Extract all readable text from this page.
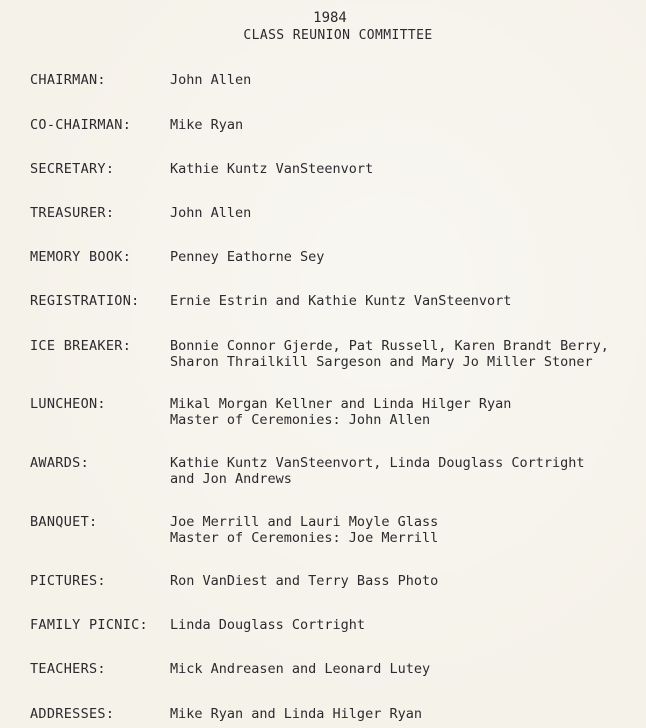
1984
CLASS REUNION COMMITTEE
CHAIRMAN:	John Allen
CO-CHAIRMAN:	Mike Ryan
SECRETARY:	Kathie Kuntz VanSteenvort
TREASURER:	John Allen
MEMORY BOOK:	Penney Eathorne Sey
REGISTRATION: Ernie Estrin and Kathie Kuntz VanSteenvort
ICE BREAKER:	Bonnie Connor Gjerde, Pat Russell, Karen Brandt Berry,
Sharon Thrailkill Sargeson and Mary Jo Miller Stoner
LUNCHEON:	Mikal Morgan Kellner and Linda Hilger Ryan
Master of Ceremonies: John Allen
AWARDS:	Kathie Kuntz VanSteenvort, Linda Douglass Cortright
and Jon Andrews
BANQUET:	Joe Merrill and Lauri Moyle Glass
Master of Ceremonies: Joe Merrill
PICTURES:	Ron VanDiest and Terry Bass Photo
FAMILY PICNIC: Linda Douglass Cortright
TEACHERS:	Mick Andreasen and Leonard Lutey
ADDRESSES:	Mike Ryan and Linda Hilger Ryan
